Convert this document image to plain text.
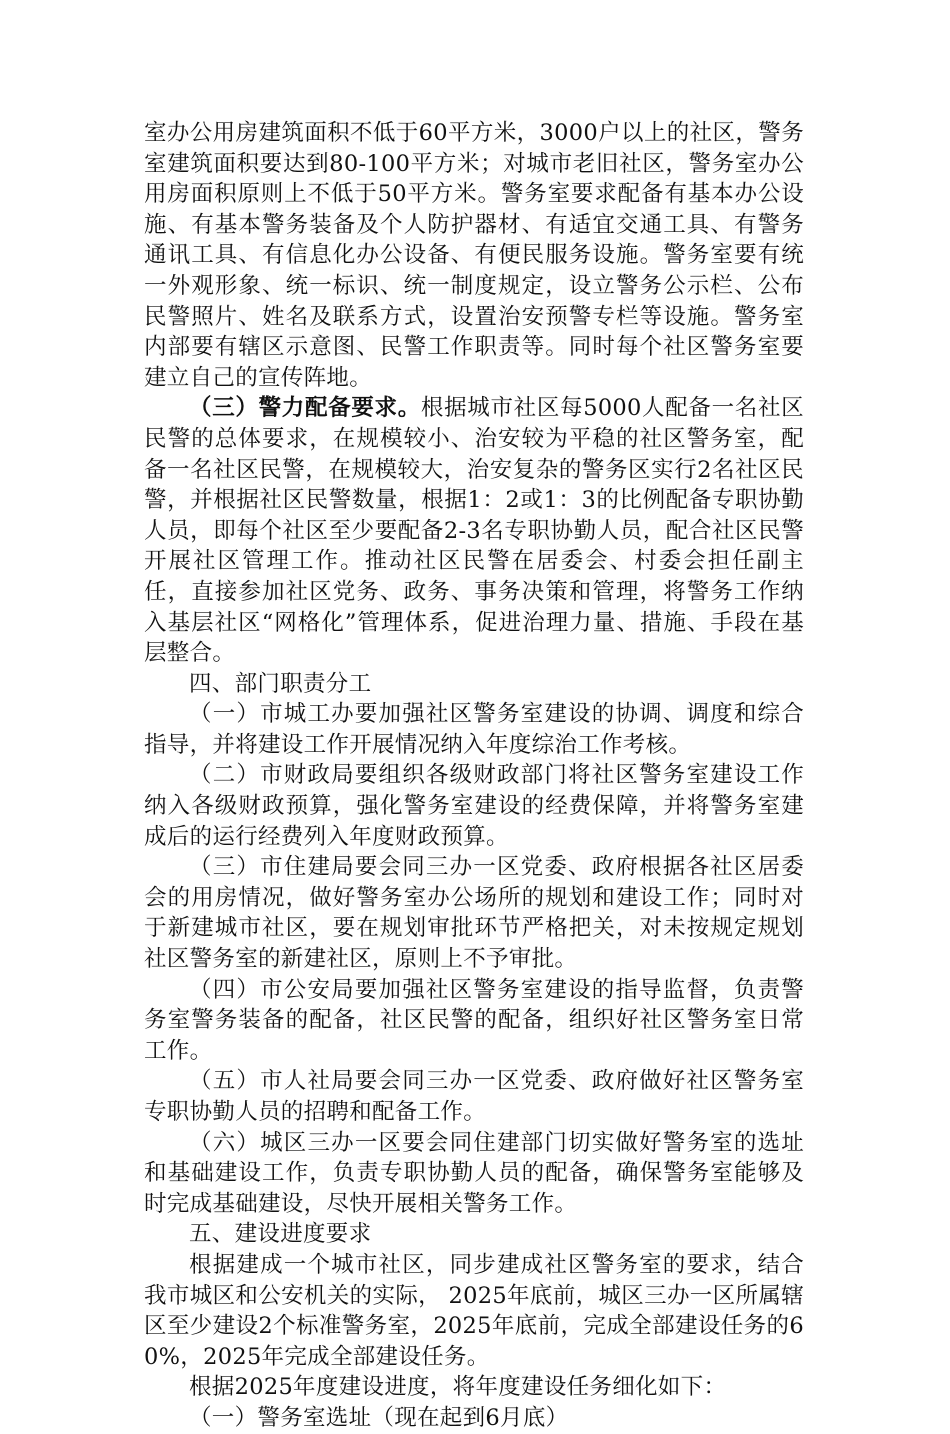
室办公用房建筑面积不低于60平方米，3000户以上的社区，警务室建筑面积要达到80-100平方米；对城市老旧社区，警务室办公用房面积原则上不低于50平方米。警务室要求配备有基本办公设施、有基本警务装备及个人防护器材、有适宜交通工具、有警务通讯工具、有信息化办公设备、有便民服务设施。警务室要有统一外观形象、统一标识、统一制度规定，设立警务公示栏、公布民警照片、姓名及联系方式，设置治安预警专栏等设施。警务室内部要有辖区示意图、民警工作职责等。同时每个社区警务室要建立自己的宣传阵地。

（三）警力配备要求。根据城市社区每5000人配备一名社区民警的总体要求，在规模较小、治安较为平稳的社区警务室，配备一名社区民警，在规模较大，治安复杂的警务区实行2名社区民警，并根据社区民警数量，根据1：2或1：3的比例配备专职协勤人员，即每个社区至少要配备2-3名专职协勤人员，配合社区民警开展社区管理工作。推动社区民警在居委会、村委会担任副主任，直接参加社区党务、政务、事务决策和管理，将警务工作纳入基层社区“网格化”管理体系，促进治理力量、措施、手段在基层整合。

四、部门职责分工

（一）市城工办要加强社区警务室建设的协调、调度和综合指导，并将建设工作开展情况纳入年度综治工作考核。

（二）市财政局要组织各级财政部门将社区警务室建设工作纳入各级财政预算，强化警务室建设的经费保障，并将警务室建成后的运行经费列入年度财政预算。

（三）市住建局要会同三办一区党委、政府根据各社区居委会的用房情况，做好警务室办公场所的规划和建设工作；同时对于新建城市社区，要在规划审批环节严格把关，对未按规定规划社区警务室的新建社区，原则上不予审批。

（四）市公安局要加强社区警务室建设的指导监督，负责警务室警务装备的配备，社区民警的配备，组织好社区警务室日常工作。

（五）市人社局要会同三办一区党委、政府做好社区警务室专职协勤人员的招聘和配备工作。

（六）城区三办一区要会同住建部门切实做好警务室的选址和基础建设工作，负责专职协勤人员的配备，确保警务室能够及时完成基础建设，尽快开展相关警务工作。

五、建设进度要求

根据建成一个城市社区，同步建成社区警务室的要求，结合我市城区和公安机关的实际， 2025年底前，城区三办一区所属辖区至少建设2个标准警务室，2025年底前，完成全部建设任务的60%，2025年完成全部建设任务。

根据2025年度建设进度，将年度建设任务细化如下：

（一）警务室选址（现在起到6月底）
